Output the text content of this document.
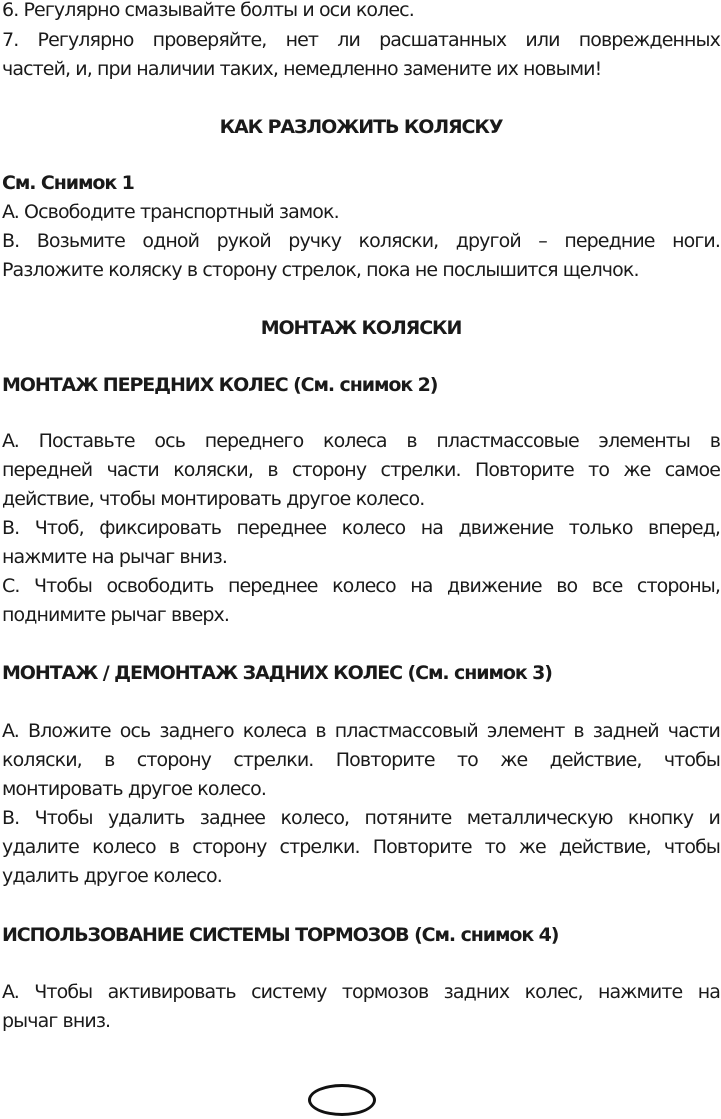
6. Регулярно смазывайте болты и оси колес.
7. Регулярно проверяйте, нет ли расшатанных или поврежденных
частей, и, при наличии таких, немедленно замените их новыми!
КАК РАЗЛОЖИТЬ КОЛЯСКУ
См. Снимок 1
A. Освободите транспортный замок.
B. Возьмите одной рукой ручку коляски, другой – передние ноги.
Разложите коляску в сторону стрелок, пока не послышится щелчок.
МОНТАЖ КОЛЯСКИ
МОНТАЖ ПЕРЕДНИХ КОЛЕС (См. снимок 2)
A. Поставьте ось переднего колеса в пластмассовые элементы в
передней части коляски, в сторону стрелки. Повторите то же самое
действие, чтобы монтировать другое колесо.
B. Чтоб, фиксировать переднее колесо на движение только вперед,
нажмите на рычаг вниз.
C. Чтобы освободить переднее колесо на движение во все стороны,
поднимите рычаг вверх.
МОНТАЖ / ДЕМОНТАЖ ЗАДНИХ КОЛЕС (См. снимок 3)
A. Вложите ось заднего колеса в пластмассовый элемент в задней части
коляски, в сторону стрелки. Повторите то же действие, чтобы
монтировать другое колесо.
B. Чтобы удалить заднее колесо, потяните металлическую кнопку и
удалите колесо в сторону стрелки. Повторите то же действие, чтобы
удалить другое колесо.
ИСПОЛЬЗОВАНИЕ СИСТЕМЫ ТОРМОЗОВ (См. снимок 4)
A. Чтобы активировать систему тормозов задних колес, нажмите на
рычаг вниз.
